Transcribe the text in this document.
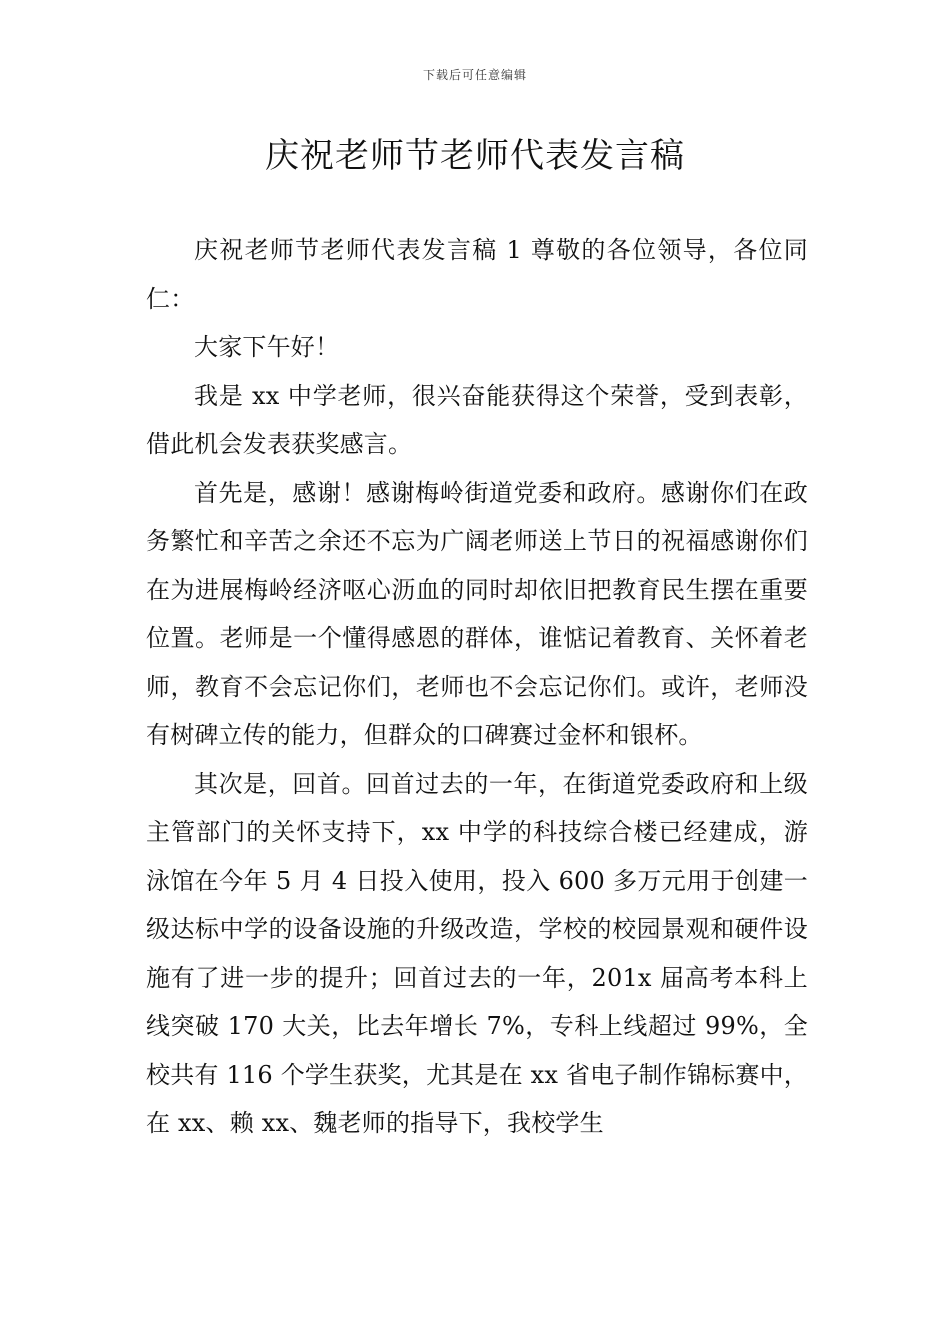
下载后可任意编辑
庆祝老师节老师代表发言稿

庆祝老师节老师代表发言稿 1 尊敬的各位领导，各位同仁：

大家下午好！

我是 xx 中学老师，很兴奋能获得这个荣誉，受到表彰，借此机会发表获奖感言。

首先是，感谢！感谢梅岭街道党委和政府。感谢你们在政务繁忙和辛苦之余还不忘为广阔老师送上节日的祝福感谢你们在为进展梅岭经济呕心沥血的同时却依旧把教育民生摆在重要位置。老师是一个懂得感恩的群体，谁惦记着教育、关怀着老师，教育不会忘记你们，老师也不会忘记你们。或许，老师没有树碑立传的能力，但群众的口碑赛过金杯和银杯。

其次是，回首。回首过去的一年，在街道党委政府和上级主管部门的关怀支持下，xx 中学的科技综合楼已经建成，游泳馆在今年 5 月 4 日投入使用，投入 600 多万元用于创建一级达标中学的设备设施的升级改造，学校的校园景观和硬件设施有了进一步的提升；回首过去的一年，201x 届高考本科上线突破 170 大关，比去年增长 7%，专科上线超过 99%，全校共有 116 个学生获奖，尤其是在 xx 省电子制作锦标赛中，在 xx、赖 xx、魏老师的指导下，我校学生
